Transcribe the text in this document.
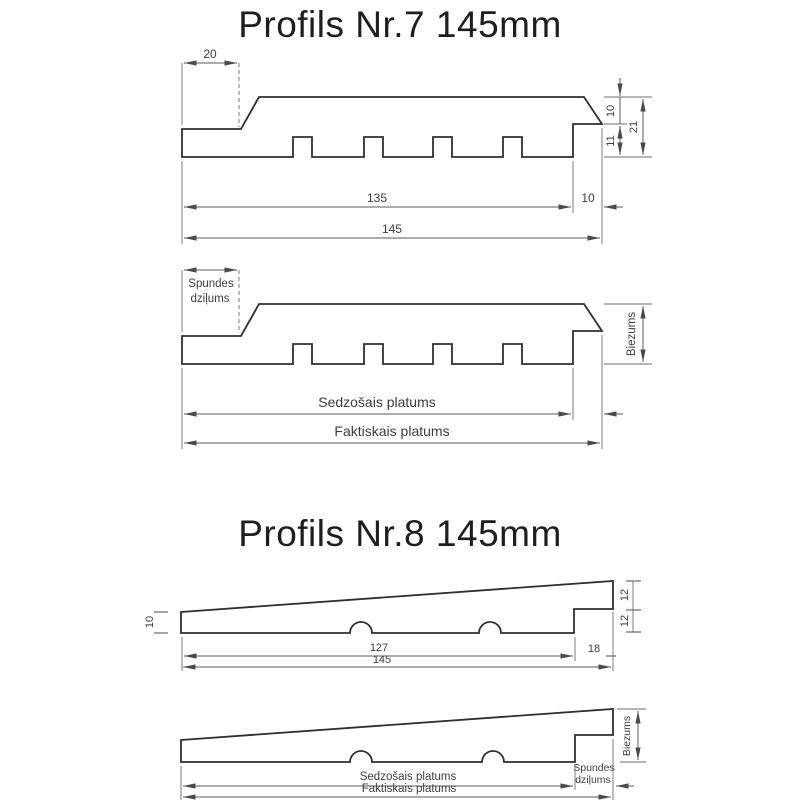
Profils Nr.7 145mm
20
10
11
21
135	10
145
Spundes
dziļums
Biezums
Sedzošais platums
Faktiskais platums
Profils Nr.8 145mm
10
12
12
127	18
145
Biezums
Spundes
dziļums
Sedzošais platums
Faktiskais platums
